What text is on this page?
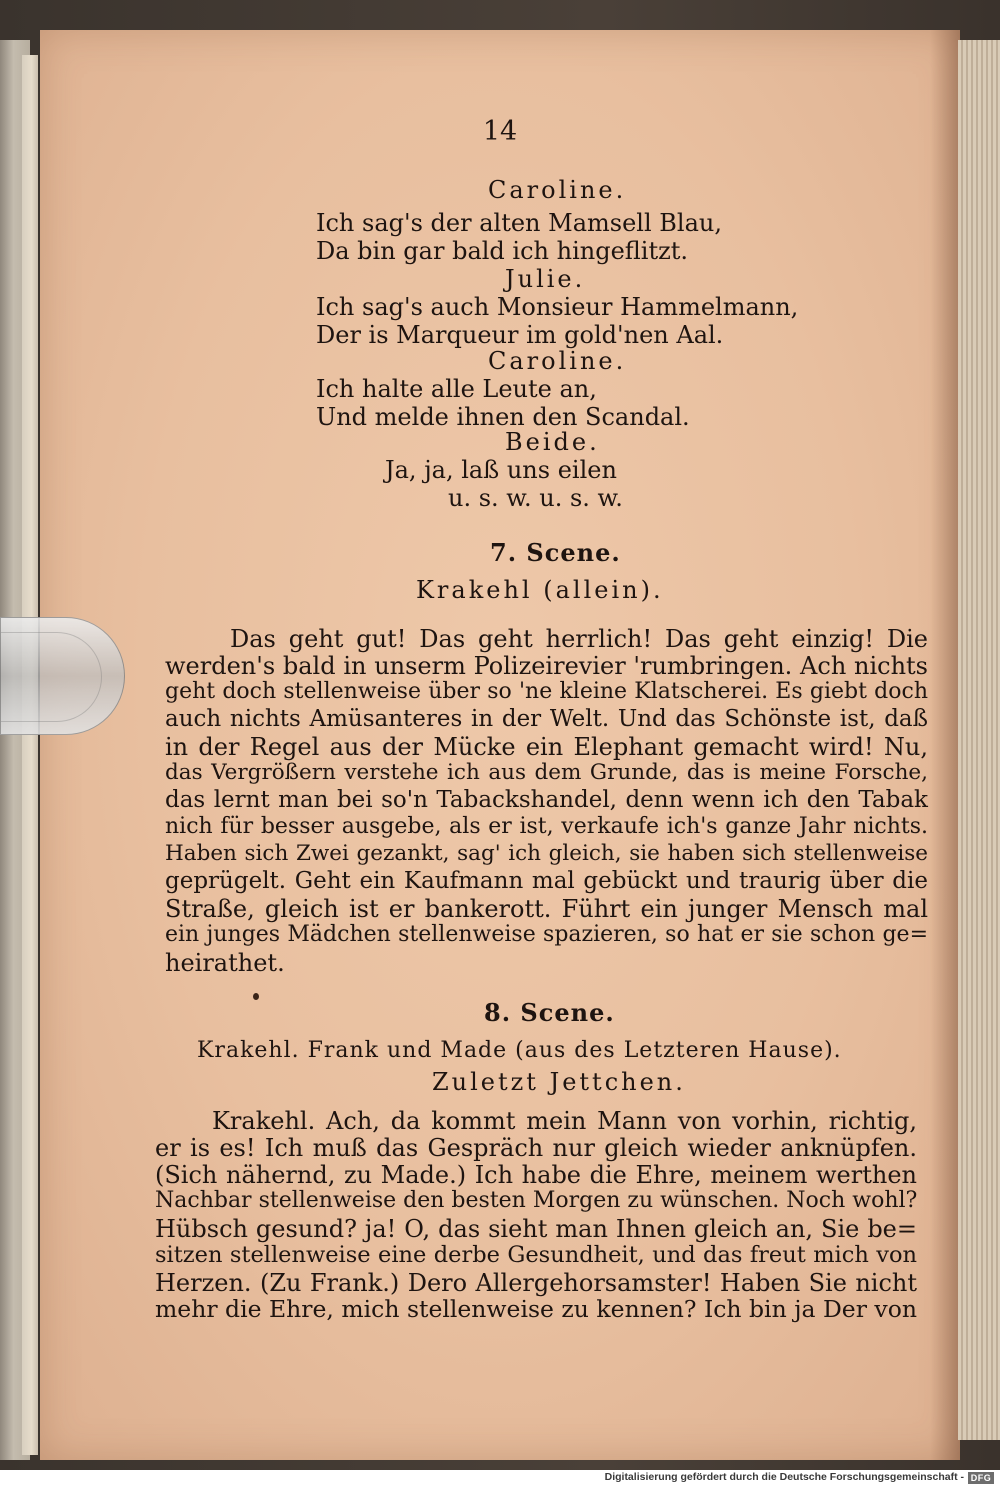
14
Caroline.
Ich sag's der alten Mamsell Blau,
Da bin gar bald ich hingeflitzt.
Julie.
Ich sag's auch Monsieur Hammelmann,
Der is Marqueur im gold'nen Aal.
Caroline.
Ich halte alle Leute an,
Und melde ihnen den Scandal.
Beide.
Ja, ja, laß uns eilen
u. s. w. u. s. w.
7. Scene.
Krakehl (allein).
Das geht gut! Das geht herrlich! Das geht einzig! Die
werden's bald in unserm Polizeirevier 'rumbringen. Ach nichts
geht doch stellenweise über so 'ne kleine Klatscherei. Es giebt doch
auch nichts Amüsanteres in der Welt. Und das Schönste ist, daß
in der Regel aus der Mücke ein Elephant gemacht wird! Nu,
das Vergrößern verstehe ich aus dem Grunde, das is meine Forsche,
das lernt man bei so'n Tabackshandel, denn wenn ich den Tabak
nich für besser ausgebe, als er ist, verkaufe ich's ganze Jahr nichts.
Haben sich Zwei gezankt, sag' ich gleich, sie haben sich stellenweise
geprügelt. Geht ein Kaufmann mal gebückt und traurig über die
Straße, gleich ist er bankerott. Führt ein junger Mensch mal
ein junges Mädchen stellenweise spazieren, so hat er sie schon ge=
heirathet.
8. Scene.
Krakehl. Frank und Made (aus des Letzteren Hause).
Zuletzt Jettchen.
Krakehl. Ach, da kommt mein Mann von vorhin, richtig,
er is es! Ich muß das Gespräch nur gleich wieder anknüpfen.
(Sich nähernd, zu Made.) Ich habe die Ehre, meinem werthen
Nachbar stellenweise den besten Morgen zu wünschen. Noch wohl?
Hübsch gesund? ja! O, das sieht man Ihnen gleich an, Sie be=
sitzen stellenweise eine derbe Gesundheit, und das freut mich von
Herzen. (Zu Frank.) Dero Allergehorsamster! Haben Sie nicht
mehr die Ehre, mich stellenweise zu kennen? Ich bin ja Der von
Digitalisierung gefördert durch die Deutsche Forschungsgemeinschaft - DFG
